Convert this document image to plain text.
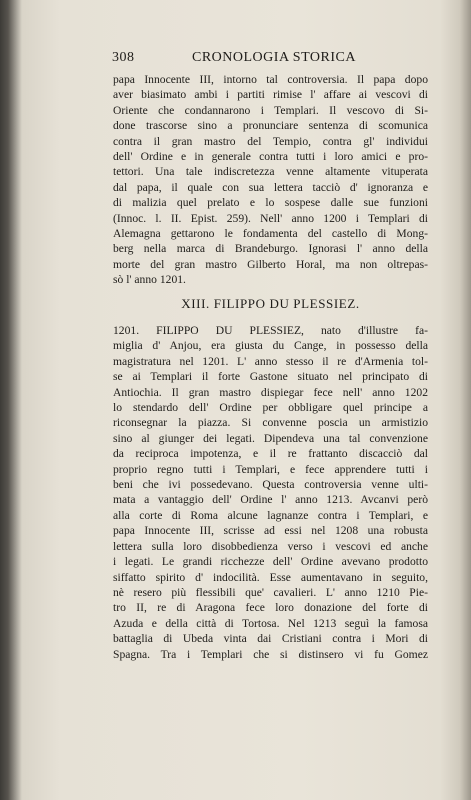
308	CRONOLOGIA STORICA
papa Innocente III, intorno tal controversia. Il papa dopo
aver biasimato ambi i partiti rimise l' affare ai vescovi di
Oriente che condannarono i Templari. Il vescovo di Si-
done trascorse sino a pronunciare sentenza di scomunica
contra il gran mastro del Tempio, contra gl' individui
dell' Ordine e in generale contra tutti i loro amici e pro-
tettori. Una tale indiscretezza venne altamente vituperata
dal papa, il quale con sua lettera tacciò d' ignoranza e
di malizia quel prelato e lo sospese dalle sue funzioni
(Innoc. l. II. Epist. 259). Nell' anno 1200 i Templari di
Alemagna gettarono le fondamenta del castello di Mong-
berg nella marca di Brandeburgo. Ignorasi l' anno della
morte del gran mastro Gilberto Horal, ma non oltrepas-
sò l' anno 1201.
XIII. FILIPPO DU PLESSIEZ.
1201. FILIPPO DU PLESSIEZ, nato d'illustre fa-
miglia d' Anjou, era giusta du Cange, in possesso della
magistratura nel 1201. L' anno stesso il re d'Armenia tol-
se ai Templari il forte Gastone situato nel principato di
Antiochia. Il gran mastro dispiegar fece nell' anno 1202
lo stendardo dell' Ordine per obbligare quel principe a
riconsegnar la piazza. Si convenne poscia un armistizio
sino al giunger dei legati. Dipendeva una tal convenzione
da reciproca impotenza, e il re frattanto discacciò dal
proprio regno tutti i Templari, e fece apprendere tutti i
beni che ivi possedevano. Questa controversia venne ulti-
mata a vantaggio dell' Ordine l' anno 1213. Avcanvi però
alla corte di Roma alcune lagnanze contra i Templari, e
papa Innocente III, scrisse ad essi nel 1208 una robusta
lettera sulla loro disobbedienza verso i vescovi ed anche
i legati. Le grandi ricchezze dell' Ordine avevano prodotto
siffatto spirito d' indocilità. Esse aumentavano in seguito,
nè resero più flessibili que' cavalieri. L' anno 1210 Pie-
tro II, re di Aragona fece loro donazione del forte di
Azuda e della città di Tortosa. Nel 1213 seguì la famosa
battaglia di Ubeda vinta dai Cristiani contra i Mori di
Spagna. Tra i Templari che si distinsero vi fu Gomez
